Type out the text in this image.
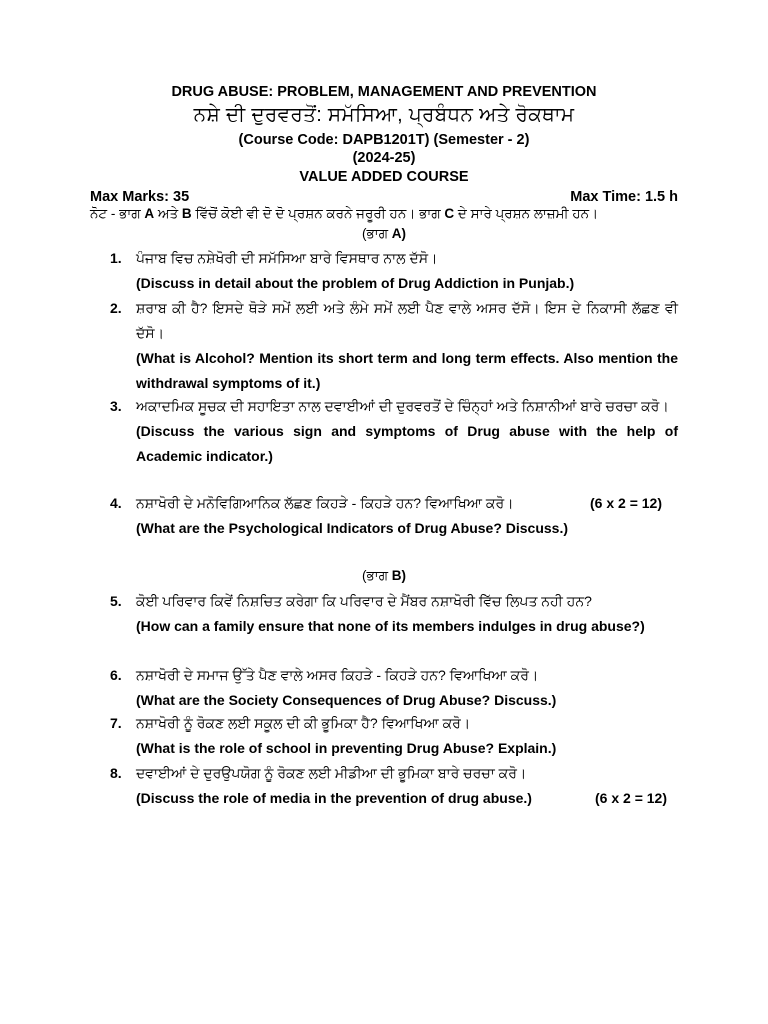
DRUG ABUSE: PROBLEM, MANAGEMENT AND PREVENTION
ਨਸ਼ੇ ਦੀ ਦੁਰਵਰਤੋਂ: ਸਮੱਸਿਆ, ਪ੍ਰਬੰਧਨ ਅਤੇ ਰੋਕਥਾਮ
(Course Code: DAPB1201T) (Semester - 2)
(2024-25)
VALUE ADDED COURSE
Max Marks: 35	Max Time: 1.5 h
ਨੋਟ - ਭਾਗ A ਅਤੇ B ਵਿੱਚੋਂ ਕੋਈ ਵੀ ਦੋ ਦੋ ਪ੍ਰਸ਼ਨ ਕਰਨੇ ਜਰੂਰੀ ਹਨ। ਭਾਗ C ਦੇ ਸਾਰੇ ਪ੍ਰਸ਼ਨ ਲਾਜ਼ਮੀ ਹਨ।
(ਭਾਗ A)
1.	ਪੰਜਾਬ ਵਿਚ ਨਸ਼ੇਖੋਰੀ ਦੀ ਸਮੱਸਿਆ ਬਾਰੇ ਵਿਸਥਾਰ ਨਾਲ ਦੱਸੋ।
(Discuss in detail about the problem of Drug Addiction in Punjab.)
2.	ਸ਼ਰਾਬ ਕੀ ਹੈ? ਇਸਦੇ ਥੋੜੇ ਸਮੇਂ ਲਈ ਅਤੇ ਲੰਮੇ ਸਮੇਂ ਲਈ ਪੈਣ ਵਾਲੇ ਅਸਰ ਦੱਸੋ। ਇਸ ਦੇ ਨਿਕਾਸੀ ਲੱਛਣ ਵੀ ਦੱਸੋ।
(What is Alcohol? Mention its short term and long term effects. Also mention the withdrawal symptoms of it.)
3.	ਅਕਾਦਮਿਕ ਸੂਚਕ ਦੀ ਸਹਾਇਤਾ ਨਾਲ ਦਵਾਈਆਂ ਦੀ ਦੁਰਵਰਤੋਂ ਦੇ ਚਿੰਨ੍ਹਾਂ ਅਤੇ ਨਿਸ਼ਾਨੀਆਂ ਬਾਰੇ ਚਰਚਾ ਕਰੋ।
(Discuss the various sign and symptoms of Drug abuse with the help of Academic indicator.)
4.	ਨਸ਼ਾਖੋਰੀ ਦੇ ਮਨੋਵਿਗਿਆਨਿਕ ਲੱਛਣ ਕਿਹੜੇ - ਕਿਹੜੇ ਹਨ? ਵਿਆਖਿਆ ਕਰੋ।	(6 x 2 = 12)
(What are the Psychological Indicators of Drug Abuse? Discuss.)
(ਭਾਗ B)
5.	ਕੋਈ ਪਰਿਵਾਰ ਕਿਵੇਂ ਨਿਸ਼ਚਿਤ ਕਰੇਗਾ ਕਿ ਪਰਿਵਾਰ ਦੇ ਮੈਂਬਰ ਨਸ਼ਾਖੋਰੀ ਵਿੱਚ ਲਿਪਤ ਨਹੀ ਹਨ?
(How can a family ensure that none of its members indulges in drug abuse?)
6.	ਨਸ਼ਾਖੋਰੀ ਦੇ ਸਮਾਜ ਉੱਤੇ ਪੈਣ ਵਾਲੇ ਅਸਰ ਕਿਹੜੇ - ਕਿਹੜੇ ਹਨ? ਵਿਆਖਿਆ ਕਰੋ।
(What are the Society Consequences of Drug Abuse? Discuss.)
7.	ਨਸ਼ਾਖੋਰੀ ਨੂੰ ਰੋਕਣ ਲਈ ਸਕੂਲ ਦੀ ਕੀ ਭੂਮਿਕਾ ਹੈ? ਵਿਆਖਿਆ ਕਰੋ।
(What is the role of school in preventing Drug Abuse? Explain.)
8.	ਦਵਾਈਆਂ ਦੇ ਦੁਰਉਪਯੋਗ ਨੂੰ ਰੋਕਣ ਲਈ ਮੀਡੀਆ ਦੀ ਭੂਮਿਕਾ ਬਾਰੇ ਚਰਚਾ ਕਰੋ।
(Discuss the role of media in the prevention of drug abuse.)	(6 x 2 = 12)
